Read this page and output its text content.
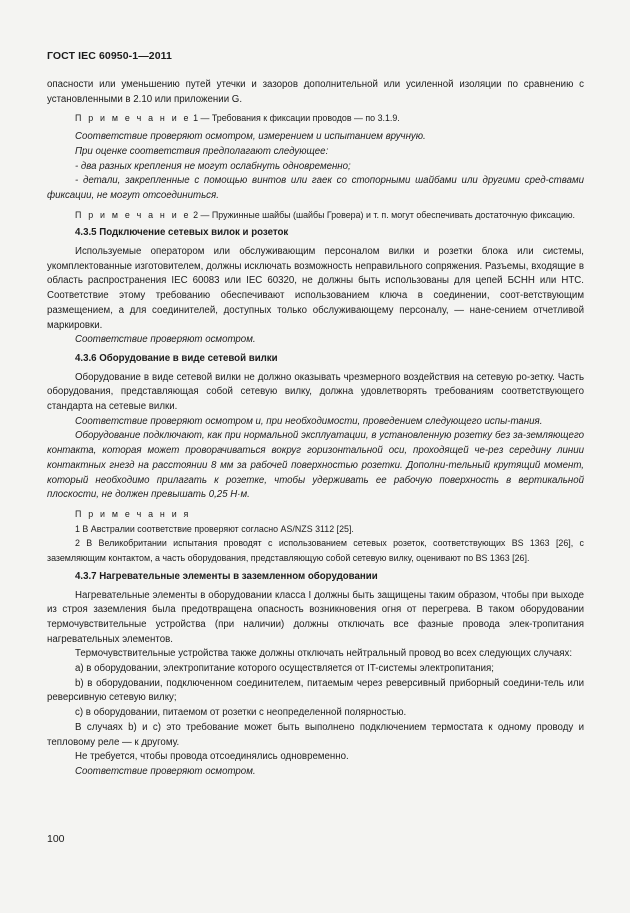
ГОСТ IEC 60950-1—2011

опасности или уменьшению путей утечки и зазоров дополнительной или усиленной изоляции по сравнению с установленными в 2.10 или приложении G.

П р и м е ч а н и е 1 — Требования к фиксации проводов — по 3.1.9.

Соответствие проверяют осмотром, измерением и испытанием вручную.

При оценке соответствия предполагают следующее:

- два разных крепления не могут ослабнуть одновременно;

- детали, закрепленные с помощью винтов или гаек со стопорными шайбами или другими сред-ствами фиксации, не могут отсоединиться.

П р и м е ч а н и е 2 — Пружинные шайбы (шайбы Гровера) и т. п. могут обеспечивать достаточную фиксацию.

4.3.5 Подключение сетевых вилок и розеток

Используемые оператором или обслуживающим персоналом вилки и розетки блока или системы, укомплектованные изготовителем, должны исключать возможность неправильного сопряжения. Разъемы, входящие в область распространения IEC 60083 или IEC 60320, не должны быть использованы для цепей БСНН или НТС. Соответствие этому требованию обеспечивают использованием ключа в соединении, соот-ветствующим размещением, а для соединителей, доступных только обслуживающему персоналу, — нане-сением отчетливой маркировки.

Соответствие проверяют осмотром.

4.3.6 Оборудование в виде сетевой вилки

Оборудование в виде сетевой вилки не должно оказывать чрезмерного воздействия на сетевую ро-зетку. Часть оборудования, представляющая собой сетевую вилку, должна удовлетворять требованиям соответствующего стандарта на сетевые вилки.

Соответствие проверяют осмотром и, при необходимости, проведением следующего испы-тания.

Оборудование подключают, как при нормальной эксплуатации, в установленную розетку без за-земляющего контакта, которая может проворачиваться вокруг горизонтальной оси, проходящей че-рез середину линии контактных гнезд на расстоянии 8 мм за рабочей поверхностью розетки. Дополни-тельный крутящий момент, который необходимо прилагать к розетке, чтобы удерживать ее рабочую поверхность в вертикальной плоскости, не должен превышать 0,25 Н·м.

П р и м е ч а н и я

1 В Австралии соответствие проверяют согласно AS/NZS 3112 [25].

2 В Великобритании испытания проводят с использованием сетевых розеток, соответствующих BS 1363 [26], с заземляющим контактом, а часть оборудования, представляющую собой сетевую вилку, оценивают по BS 1363 [26].

4.3.7 Нагревательные элементы в заземленном оборудовании

Нагревательные элементы в оборудовании класса I должны быть защищены таким образом, чтобы при выходе из строя заземления была предотвращена опасность возникновения огня от перегрева. В таком оборудовании термочувствительные устройства (при наличии) должны отключать все фазные провода элек-тропитания нагревательных элементов.

Термочувствительные устройства также должны отключать нейтральный провод во всех следующих случаях:

a) в оборудовании, электропитание которого осуществляется от IT-системы электропитания;

b) в оборудовании, подключенном соединителем, питаемым через реверсивный приборный соедини-тель или реверсивную сетевую вилку;

c) в оборудовании, питаемом от розетки с неопределенной полярностью.

В случаях b) и c) это требование может быть выполнено подключением термостата к одному проводу и тепловому реле — к другому.

Не требуется, чтобы провода отсоединялись одновременно.

Соответствие проверяют осмотром.

100
